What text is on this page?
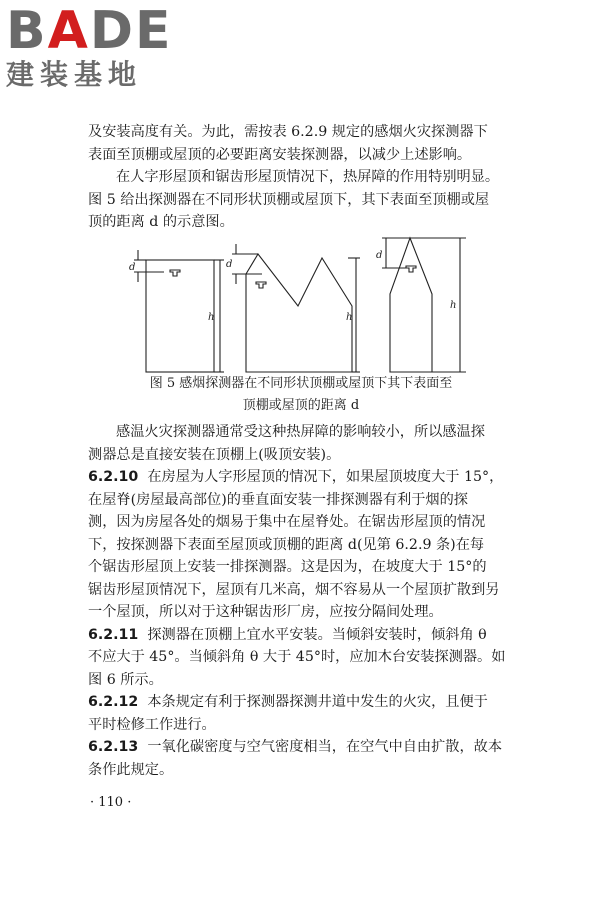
BADE
建装基地
及安装高度有关。为此，需按表 6.2.9 规定的感烟火灾探测器下
表面至顶棚或屋顶的必要距离安装探测器，以减少上述影响。
在人字形屋顶和锯齿形屋顶情况下，热屏障的作用特别明显。
图 5 给出探测器在不同形状顶棚或屋顶下，其下表面至顶棚或屋
顶的距离 d 的示意图。
d
h
d
h
d
h
图 5 感烟探测器在不同形状顶棚或屋顶下其下表面至
顶棚或屋顶的距离 d
感温火灾探测器通常受这种热屏障的影响较小，所以感温探
测器总是直接安装在顶棚上(吸顶安装)。
6.2.10 在房屋为人字形屋顶的情况下，如果屋顶坡度大于 15°，
在屋脊(房屋最高部位)的垂直面安装一排探测器有利于烟的探
测，因为房屋各处的烟易于集中在屋脊处。在锯齿形屋顶的情况
下，按探测器下表面至屋顶或顶棚的距离 d(见第 6.2.9 条)在每
个锯齿形屋顶上安装一排探测器。这是因为，在坡度大于 15°的
锯齿形屋顶情况下，屋顶有几米高，烟不容易从一个屋顶扩散到另
一个屋顶，所以对于这种锯齿形厂房，应按分隔间处理。
6.2.11 探测器在顶棚上宜水平安装。当倾斜安装时，倾斜角 θ
不应大于 45°。当倾斜角 θ 大于 45°时，应加木台安装探测器。如
图 6 所示。
6.2.12 本条规定有利于探测器探测井道中发生的火灾，且便于
平时检修工作进行。
6.2.13 一氧化碳密度与空气密度相当，在空气中自由扩散，故本
条作此规定。
· 110 ·
